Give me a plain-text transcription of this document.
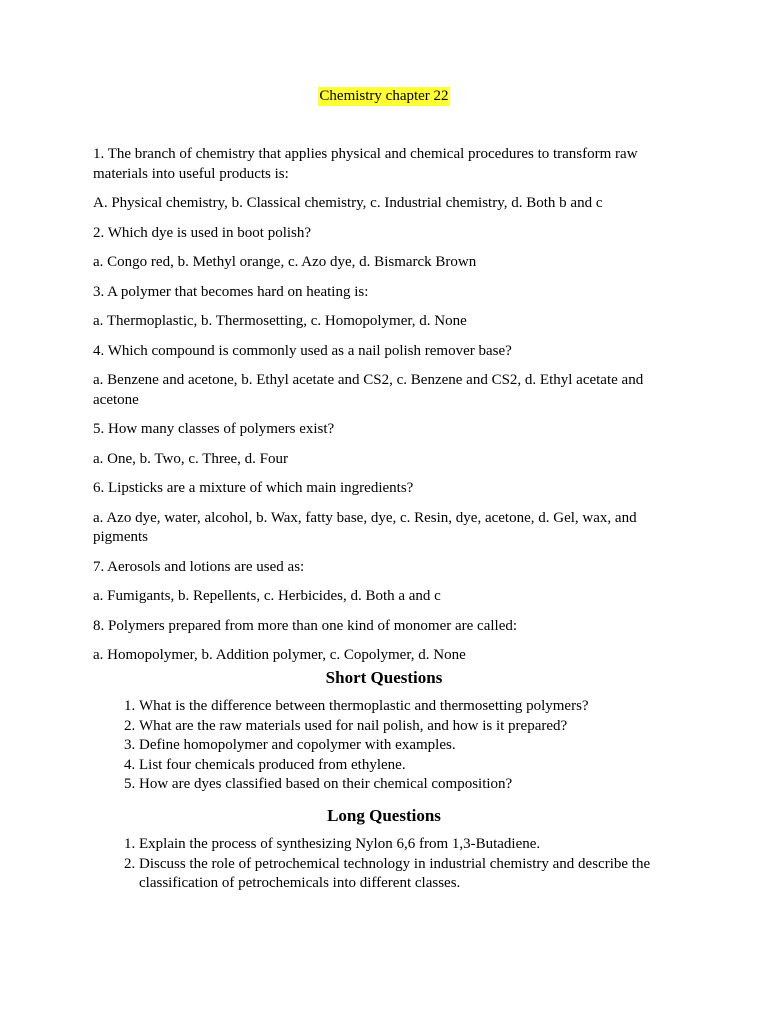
Chemistry chapter 22

1. The branch of chemistry that applies physical and chemical procedures to transform raw materials into useful products is:

A. Physical chemistry, b. Classical chemistry, c. Industrial chemistry, d. Both b and c

2. Which dye is used in boot polish?

a. Congo red, b. Methyl orange, c. Azo dye, d. Bismarck Brown

3. A polymer that becomes hard on heating is:

a. Thermoplastic, b. Thermosetting, c. Homopolymer, d. None

4. Which compound is commonly used as a nail polish remover base?

a. Benzene and acetone, b. Ethyl acetate and CS2, c. Benzene and CS2, d. Ethyl acetate and acetone

5. How many classes of polymers exist?

a. One, b. Two, c. Three, d. Four

6. Lipsticks are a mixture of which main ingredients?

a. Azo dye, water, alcohol, b. Wax, fatty base, dye, c. Resin, dye, acetone, d. Gel, wax, and pigments

7. Aerosols and lotions are used as:

a. Fumigants, b. Repellents, c. Herbicides, d. Both a and c

8. Polymers prepared from more than one kind of monomer are called:

a. Homopolymer, b. Addition polymer, c. Copolymer, d. None

Short Questions
1. What is the difference between thermoplastic and thermosetting polymers?
2. What are the raw materials used for nail polish, and how is it prepared?
3. Define homopolymer and copolymer with examples.
4. List four chemicals produced from ethylene.
5. How are dyes classified based on their chemical composition?
Long Questions
1. Explain the process of synthesizing Nylon 6,6 from 1,3-Butadiene.
2. Discuss the role of petrochemical technology in industrial chemistry and describe the classification of petrochemicals into different classes.
